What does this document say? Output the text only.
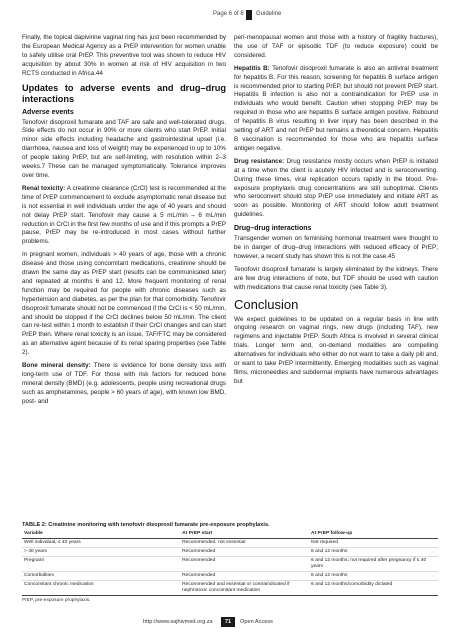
Page 6 of 8 Guideline

Finally, the topical dapivirine vaginal ring has just been recommended by the European Medical Agency as a PrEP intervention for women unable to safely utilise oral PrEP. This preventive tool was shown to reduce HIV acquisition by about 30% in women at risk of HIV acquisition in two RCTS conducted in Africa.44

Updates to adverse events and drug–drug interactions
Adverse events

Tenofovir disoproxil fumarate and TAF are safe and well-tolerated drugs. Side effects do not occur in 90% or more clients who start PrEP. Initial minor side effects including headache and gastrointestinal upset (i.e. diarrhoea, nausea and loss of weight) may be experienced in up to 10% of people taking PrEP, but are self-limiting, with resolution within 2–3 weeks.7 These can be managed symptomatically. Tolerance improves over time.

Renal toxicity: A creatinine clearance (CrCl) test is recommended at the time of PrEP commencement to exclude asymptomatic renal disease but is not essential in well individuals under the age of 40 years and should not delay PrEP start. Tenofovir may cause a 5 mL/min – 6 mL/min reduction in CrCl in the first few months of use and if this prompts a PrEP pause, PrEP may be re-introduced in most cases without further problems.

In pregnant women, individuals > 40 years of age, those with a chronic disease and those using concomitant medications, creatinine should be drawn the same day as PrEP start (results can be communicated later) and repeated at months 6 and 12. More frequent monitoring of renal function may be required for people with chronic diseases such as hypertension and diabetes, as per the plan for that comorbidity. Tenofovir disoproxil fumarate should not be commenced if the CrCl is < 50 mL/min, and should be stopped if the CrCl declines below 50 mL/min. The client can re-test within 1 month to establish if their CrCl changes and can start PrEP then. Where renal toxicity is an issue, TAF/FTC may be considered as an alternative agent because of its renal sparing properties (see Table 2).

Bone mineral density: There is evidence for bone density loss with long-term use of TDF. For those with risk factors for reduced bone mineral density (BMD) (e.g. adolescents, people using recreational drugs such as amphetamines, people > 60 years of age), with known low BMD, post- and

peri-menopausal women and those with a history of fragility fractures), the use of TAF or episodic TDF (to reduce exposure) could be considered.

Hepatitis B: Tenofovir disoproxil fumarate is also an antiviral treatment for hepatitis B. For this reason, screening for hepatitis B surface antigen is recommended prior to starting PrEP, but should not prevent PrEP start. Hepatitis B infection is also not a contraindication for PrEP use in individuals who would benefit. Caution when stopping PrEP may be required in those who are hepatitis B surface antigen positive. Rebound of hepatitis B virus resulting in liver injury has been described in the setting of ART and not PrEP but remains a theoretical concern. Hepatitis B vaccination is recommended for those who are hepatitis surface antigen negative.

Drug resistance: Drug resistance mostly occurs when PrEP is initiated at a time when the client is acutely HIV infected and is seroconverting. During these times, viral replication occurs rapidly in the blood. Pre-exposure prophylaxis drug concentrations are still suboptimal. Clients who seroconvert should stop PrEP use immediately and initiate ART as soon as possible. Monitoring of ART should follow adult treatment guidelines.

Drug–drug interactions

Transgender women on feminising hormonal treatment were thought to be in danger of drug–drug interactions with reduced efficacy of PrEP; however, a recent study has shown this is not the case.45

Tenofovir disoproxil fumarate is largely eliminated by the kidneys. There are few drug interactions of note, but TDF should be used with caution with medications that cause renal toxicity (see Table 3).

Conclusion

We expect guidelines to be updated on a regular basis in line with ongoing research on vaginal rings, new drugs (including TAF), new regimens and injectable PrEP. South Africa is involved in several clinical trials. Longer term and, on-demand modalities are compelling alternatives for individuals who either do not want to take a daily pill and, or want to take PrEP intermittently. Emerging modalities such as vaginal films, microneedles and subdermal implants have numerous advantages but

TABLE 2: Creatinine monitoring with tenofovir disoproxil fumarate pre-exposure prophylaxis.
Variable	At PrEP start	At PrEP follow-up
Well individual, ≤ 40 years	Recommended, not essential	Not required
> 40 years	Recommended	6 and 12 months
Pregnant	Recommended	6 and 12 months; not required after pregnancy if ≤ 40 years
Comorbidities	Recommended	6 and 12 months
Concomitant chronic medication	Recommended and essential or contraindicated if nephrotoxic concomitant medication	6 and 12 months/comorbidity dictated
PrEP, pre-exposure prophylaxis.
http://www.sajhivmed.org.za	71	Open Access
